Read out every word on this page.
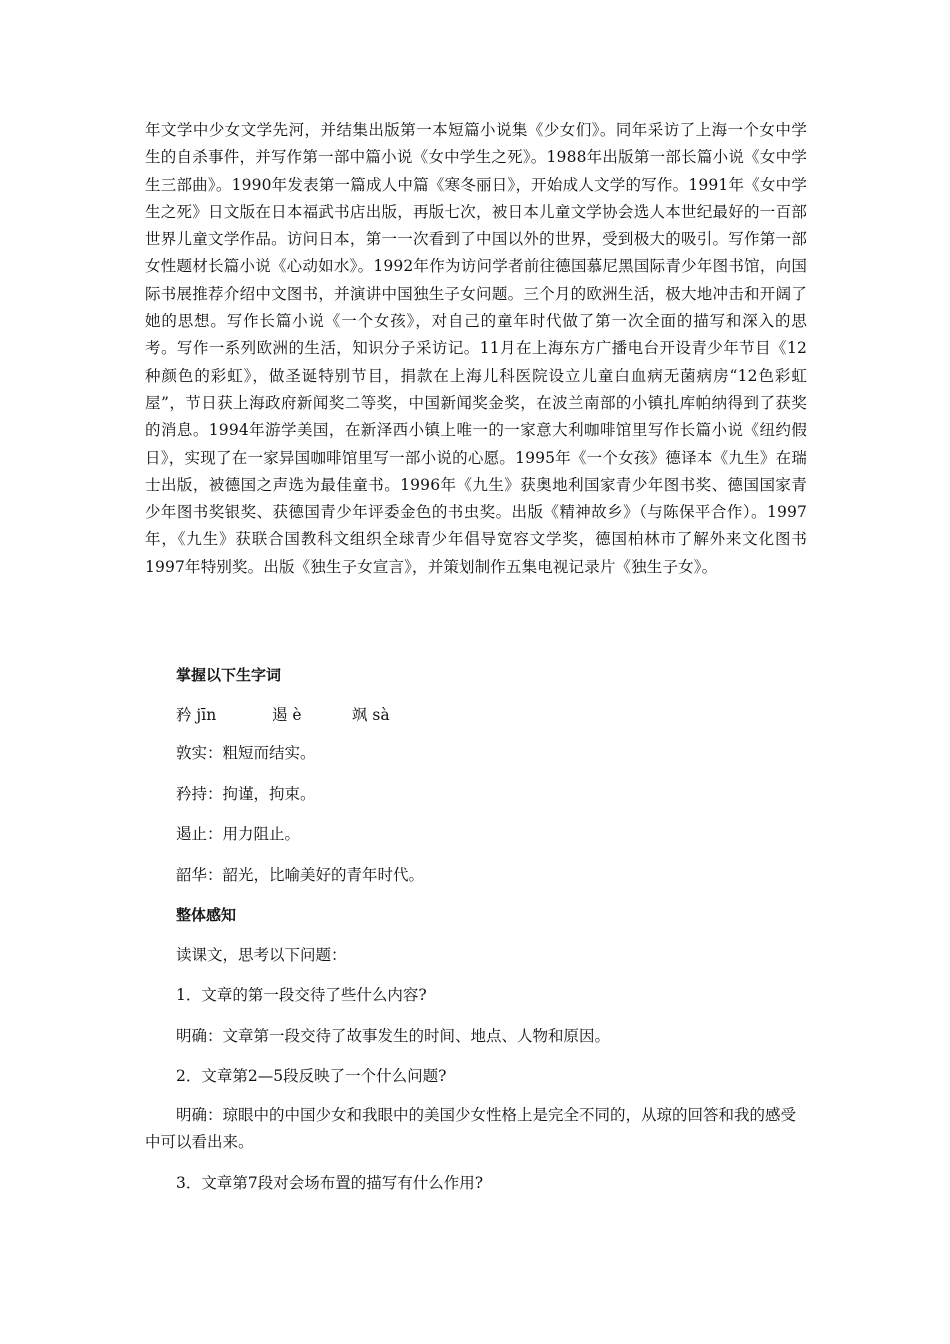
年文学中少女文学先河，并结集出版第一本短篇小说集《少女们》。同年采访了上海一个女中学生的自杀事件，并写作第一部中篇小说《女中学生之死》。1988年出版第一部长篇小说《女中学生三部曲》。1990年发表第一篇成人中篇《寒冬丽日》，开始成人文学的写作。1991年《女中学生之死》日文版在日本福武书店出版，再版七次，被日本儿童文学协会选人本世纪最好的一百部世界儿童文学作品。访问日本，第一一次看到了中国以外的世界，受到极大的吸引。写作第一部女性题材长篇小说《心动如水》。1992年作为访问学者前往德国慕尼黑国际青少年图书馆，向国际书展推荐介绍中文图书，并演讲中国独生子女问题。三个月的欧洲生活，极大地冲击和开阔了她的思想。写作长篇小说《一个女孩》，对自己的童年时代做了第一次全面的描写和深入的思考。写作一系列欧洲的生活，知识分子采访记。11月在上海东方广播电台开设青少年节目《12种颜色的彩虹》，做圣诞特别节目，捐款在上海儿科医院设立儿童白血病无菌病房“12色彩虹屋”，节日获上海政府新闻奖二等奖，中国新闻奖金奖，在波兰南部的小镇扎库帕纳得到了获奖的消息。1994年游学美国，在新泽西小镇上唯一的一家意大利咖啡馆里写作长篇小说《纽约假日》，实现了在一家异国咖啡馆里写一部小说的心愿。1995年《一个女孩》德译本《九生》在瑞士出版，被德国之声选为最佳童书。1996年《九生》获奥地利国家青少年图书奖、德国国家青少年图书奖银奖、获德国青少年评委金色的书虫奖。出版《精神故乡》（与陈保平合作）。1997年，《九生》获联合国教科文组织全球青少年倡导宽容文学奖，德国柏林市了解外来文化图书1997年特别奖。出版《独生子女宣言》，并策划制作五集电视记录片《独生子女》。
掌握以下生字词
矜 jīn	遏 è	飒 sà
敦实：粗短而结实。
矜持：拘谨，拘束。
遏止：用力阻止。
韶华：韶光，比喻美好的青年时代。
整体感知
读课文，思考以下问题：
1．文章的第一段交待了些什么内容?
明确：文章第一段交待了故事发生的时间、地点、人物和原因。
2．文章第2—5段反映了一个什么问题?
明确：琼眼中的中国少女和我眼中的美国少女性格上是完全不同的，从琼的回答和我的感受中可以看出来。
3．文章第7段对会场布置的描写有什么作用?
